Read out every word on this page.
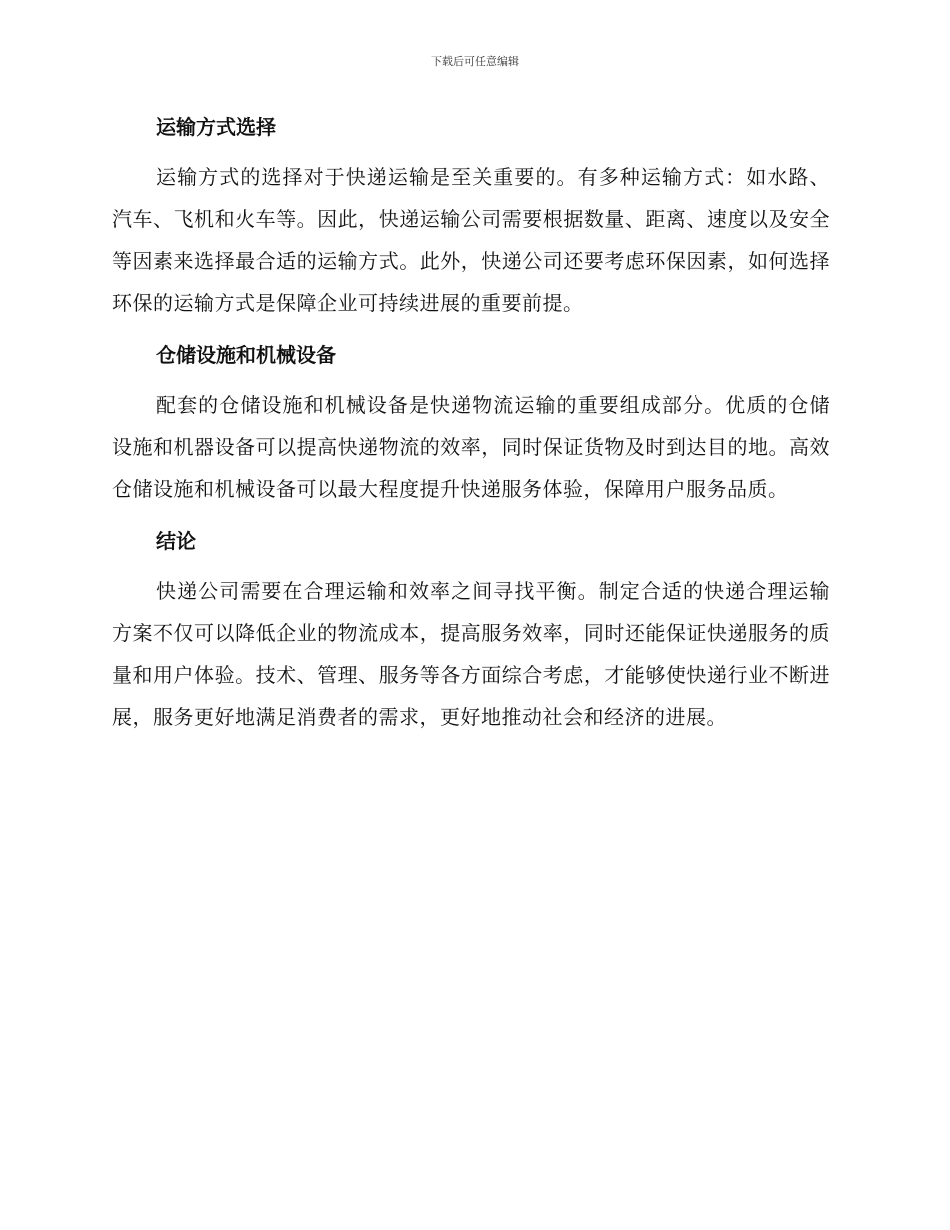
下载后可任意编辑
运输方式选择

运输方式的选择对于快递运输是至关重要的。有多种运输方式：如水路、汽车、飞机和火车等。因此，快递运输公司需要根据数量、距离、速度以及安全等因素来选择最合适的运输方式。此外，快递公司还要考虑环保因素，如何选择环保的运输方式是保障企业可持续进展的重要前提。

仓储设施和机械设备

配套的仓储设施和机械设备是快递物流运输的重要组成部分。优质的仓储设施和机器设备可以提高快递物流的效率，同时保证货物及时到达目的地。高效仓储设施和机械设备可以最大程度提升快递服务体验，保障用户服务品质。

结论

快递公司需要在合理运输和效率之间寻找平衡。制定合适的快递合理运输方案不仅可以降低企业的物流成本，提高服务效率，同时还能保证快递服务的质量和用户体验。技术、管理、服务等各方面综合考虑，才能够使快递行业不断进展，服务更好地满足消费者的需求，更好地推动社会和经济的进展。
